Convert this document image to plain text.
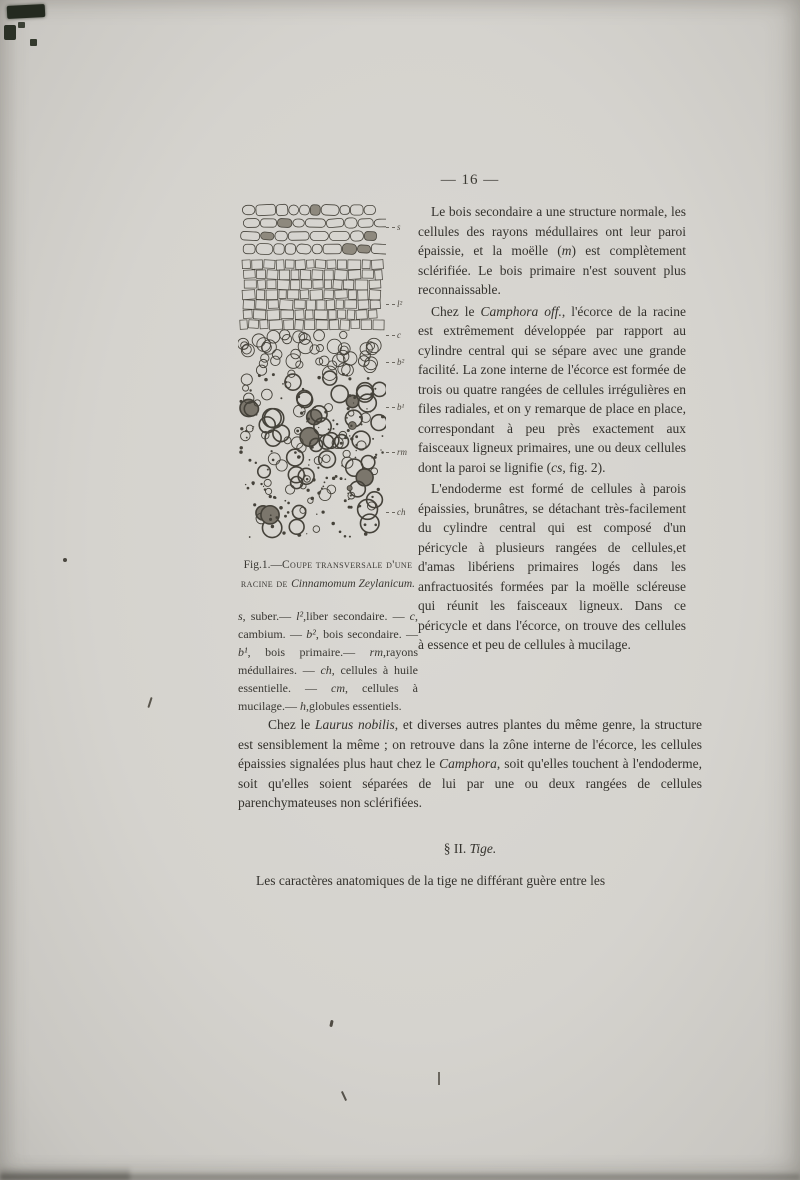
— 16 —
s
l²
c
b²
b¹
rm
ch
Fig.1.—Coupe transversale d'une racine de Cinnamomum Zeylanicum.
s, suber.— l²,liber secondaire. — c, cambium. — b², bois secondaire. — b¹, bois primaire.— rm,rayons médullaires. — ch, cellules à huile essentielle. — cm, cellules à mucilage.— h,globules essentiels.

Le bois secondaire a une structure normale, les cellules des rayons médullaires ont leur paroi épaissie, et la moëlle (m) est complètement sclérifiée. Le bois primaire n'est souvent plus reconnaissable.

Chez le Camphora off., l'écorce de la racine est extrêmement développée par rapport au cylindre central qui se sépare avec une grande facilité. La zone interne de l'écorce est formée de trois ou quatre rangées de cellules irrégulières en files radiales, et on y remarque de place en place, correspondant à peu près exactement aux faisceaux ligneux primaires, une ou deux cellules dont la paroi se lignifie (cs, fig. 2).

L'endoderme est formé de cellules à parois épaissies, brunâtres, se détachant très-facilement du cylindre central qui est composé d'un péricycle à plusieurs rangées de cellules,et d'amas libériens primaires logés dans les anfractuosités formées par la moëlle scléreuse qui réunit les faisceaux ligneux. Dans ce péricycle et dans l'écorce, on trouve des cellules à essence et peu de cellules à mucilage.

Chez le Laurus nobilis, et diverses autres plantes du même genre, la structure est sensiblement la même ; on retrouve dans la zône interne de l'écorce, les cellules épaissies signalées plus haut chez le Camphora, soit qu'elles touchent à l'endoderme, soit qu'elles soient séparées de lui par une ou deux rangées de cellules parenchymateuses non sclérifiées.

§ II. Tige.

Les caractères anatomiques de la tige ne différant guère entre les
